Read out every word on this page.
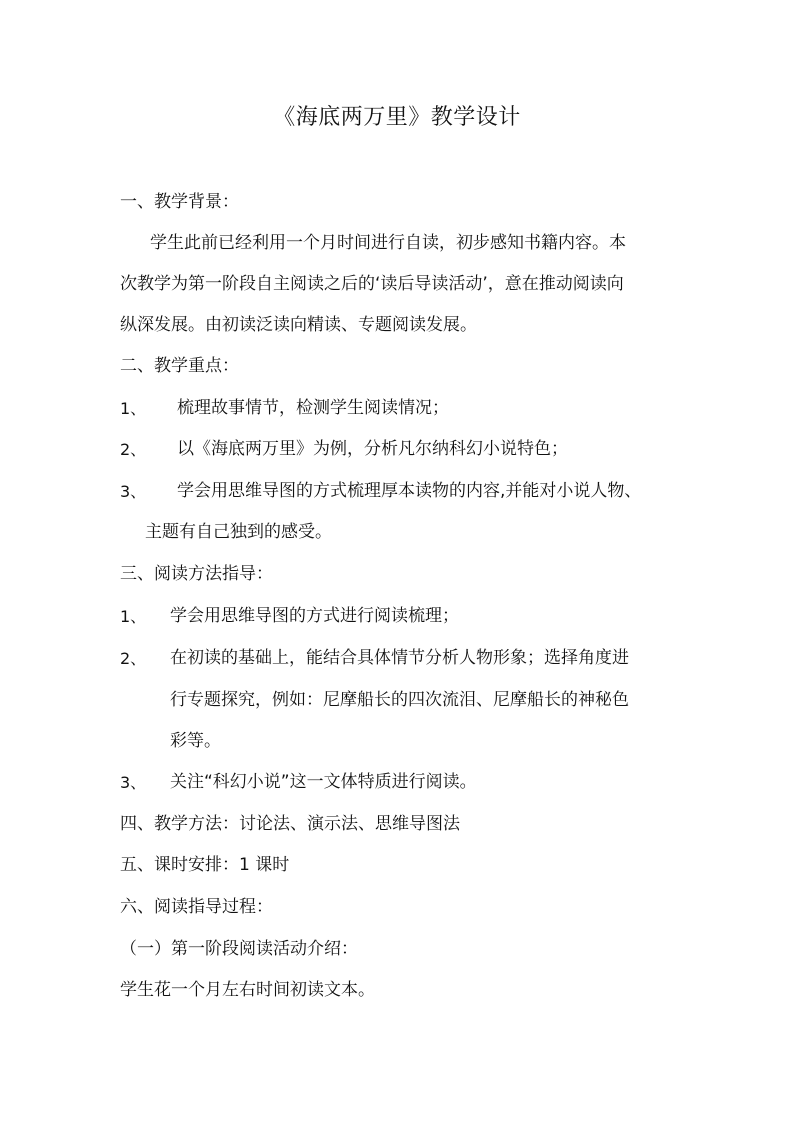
《海底两万里》教学设计
一、教学背景：
学生此前已经利用一个月时间进行自读，初步感知书籍内容。本
次教学为第一阶段自主阅读之后的‘读后导读活动’，意在推动阅读向
纵深发展。由初读泛读向精读、专题阅读发展。
二、教学重点：
1、 梳理故事情节，检测学生阅读情况；
2、 以《海底两万里》为例，分析凡尔纳科幻小说特色；
3、 学会用思维导图的方式梳理厚本读物的内容,并能对小说人物、
主题有自己独到的感受。
三、阅读方法指导：
1、 学会用思维导图的方式进行阅读梳理；
2、 在初读的基础上，能结合具体情节分析人物形象；选择角度进
行专题探究，例如：尼摩船长的四次流泪、尼摩船长的神秘色
彩等。
3、 关注“科幻小说”这一文体特质进行阅读。
四、教学方法：讨论法、演示法、思维导图法
五、课时安排：1 课时
六、阅读指导过程：
（一）第一阶段阅读活动介绍：
学生花一个月左右时间初读文本。
